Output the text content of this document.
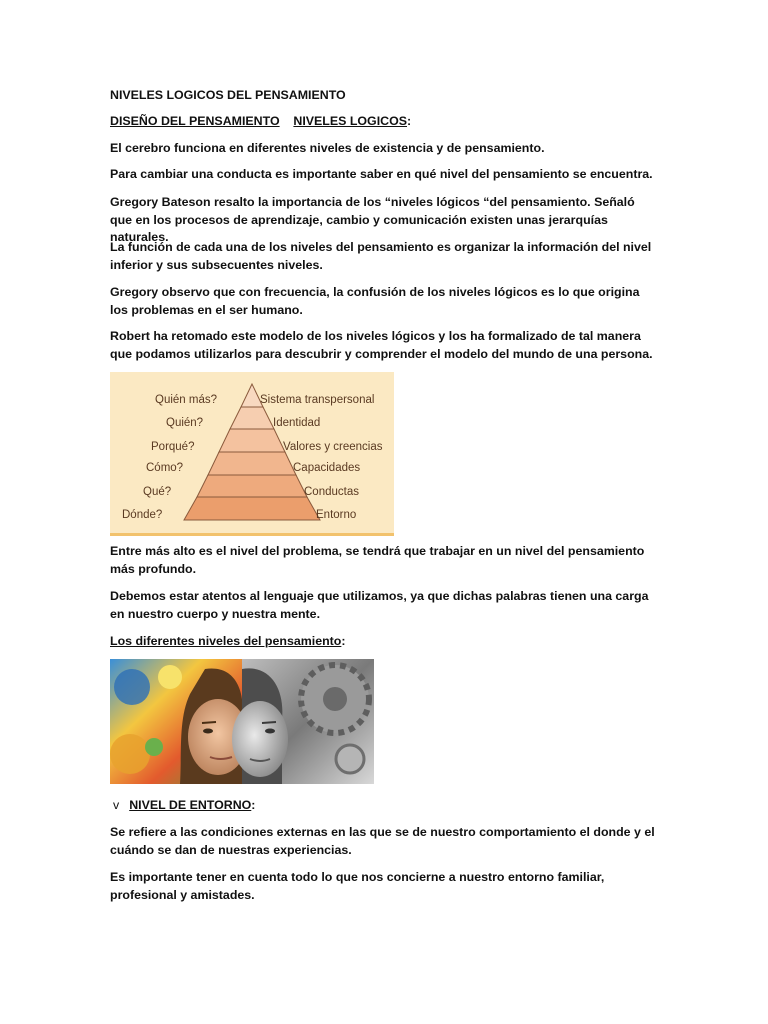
NIVELES LOGICOS DEL PENSAMIENTO

DISEÑO DEL PENSAMIENTO NIVELES LOGICOS:

El cerebro funciona en diferentes niveles de existencia y de pensamiento.

Para cambiar una conducta es importante saber en qué nivel del pensamiento se encuentra.

Gregory Bateson resalto la importancia de los “niveles lógicos “del pensamiento. Señaló que en los procesos de aprendizaje, cambio y comunicación existen unas jerarquías naturales.

La función de cada una de los niveles del pensamiento es organizar la información del nivel inferior y sus subsecuentes niveles.

Gregory observo que con frecuencia, la confusión de los niveles lógicos es lo que origina los problemas en el ser humano.

Robert ha retomado este modelo de los niveles lógicos y los ha formalizado de tal manera que podamos utilizarlos para descubrir y comprender el modelo del mundo de una persona.

Quién más?
Quién?
Porqué?
Cómo?
Qué?
Dónde?
Sistema transpersonal
Identidad
Valores y creencias
Capacidades
Conductas
Entorno

Entre más alto es el nivel del problema, se tendrá que trabajar en un nivel del pensamiento más profundo.

Debemos estar atentos al lenguaje que utilizamos, ya que dichas palabras tienen una carga en nuestro cuerpo y nuestra mente.

Los diferentes niveles del pensamiento:

v NIVEL DE ENTORNO:

Se refiere a las condiciones externas en las que se de nuestro comportamiento el donde y el cuándo se dan de nuestras experiencias.

Es importante tener en cuenta todo lo que nos concierne a nuestro entorno familiar, profesional y amistades.
